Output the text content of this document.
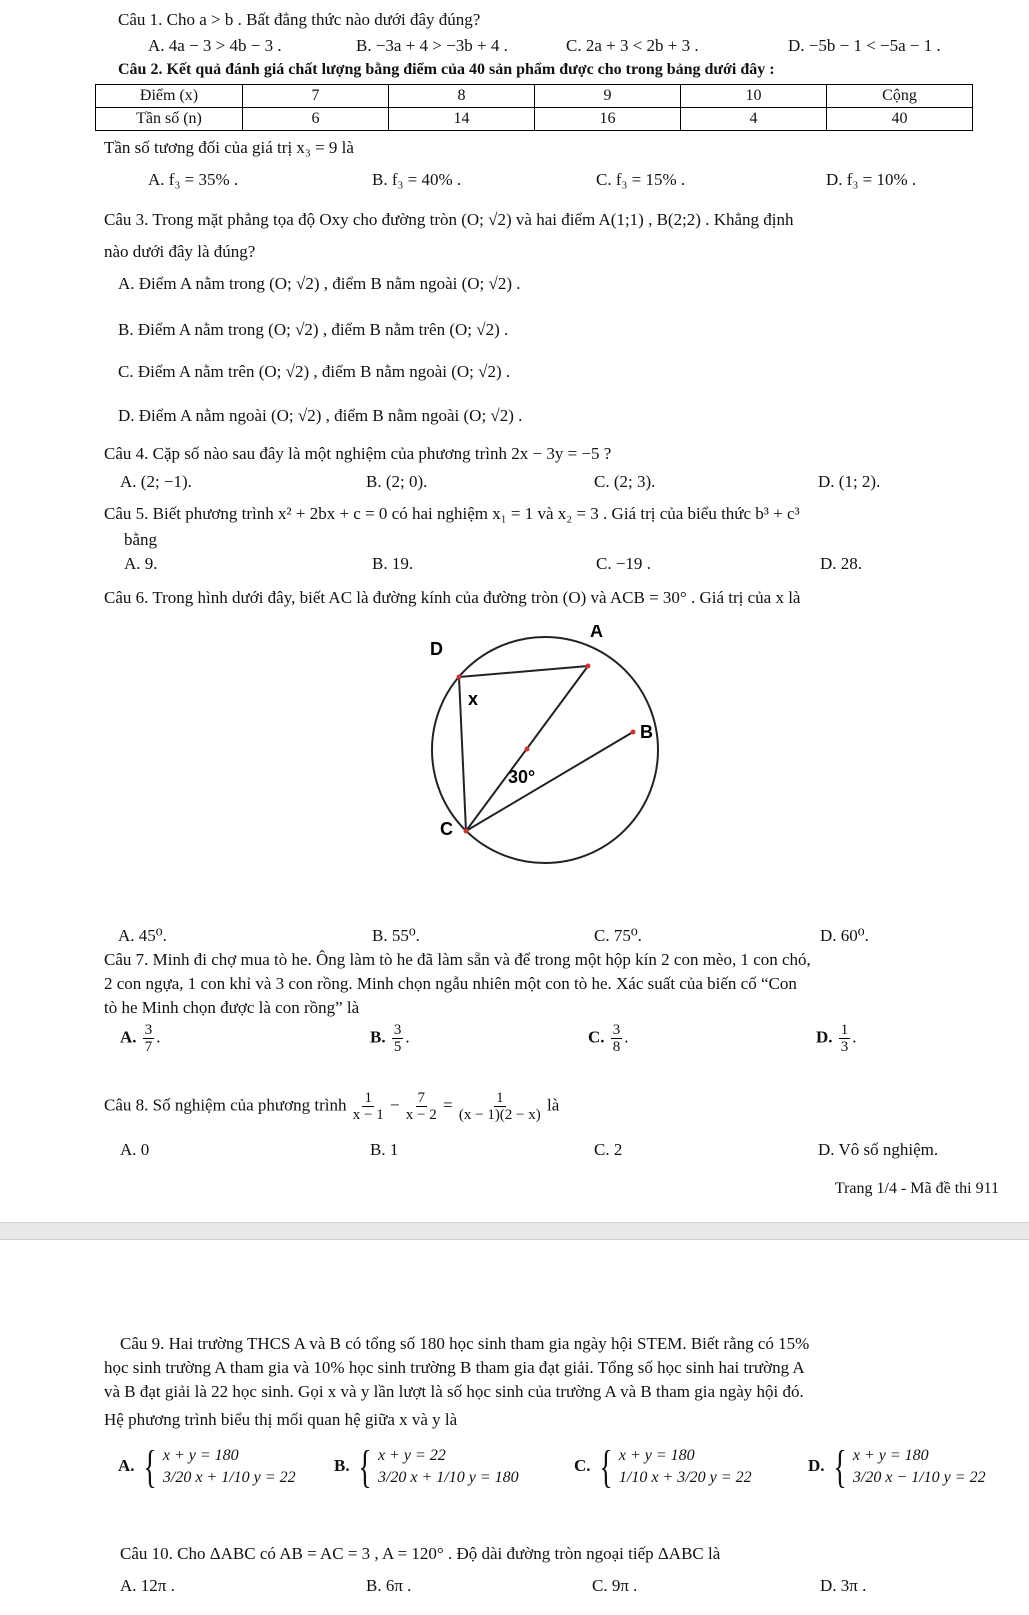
Câu 1. Cho a > b . Bất đẳng thức nào dưới đây đúng?
A. 4a − 3 > 4b − 3 .	B. −3a + 4 > −3b + 4 .	C. 2a + 3 < 2b + 3 .	D. −5b − 1 < −5a − 1 .
Câu 2. Kết quả đánh giá chất lượng bằng điểm của 40 sản phẩm được cho trong bảng dưới đây :
Điểm (x)	7	8	9	10	Cộng
Tần số (n)	6	14	16	4	40
Tần số tương đối của giá trị x₃ = 9 là
A. f₃ = 35% .	B. f₃ = 40% .	C. f₃ = 15% .	D. f₃ = 10% .
Câu 3. Trong mặt phẳng tọa độ Oxy cho đường tròn (O; √2) và hai điểm A(1;1) , B(2;2) . Khẳng định
nào dưới đây là đúng?
A. Điểm A nằm trong (O; √2) , điểm B nằm ngoài (O; √2) .
B. Điểm A nằm trong (O; √2) , điểm B nằm trên (O; √2) .
C. Điểm A nằm trên (O; √2) , điểm B nằm ngoài (O; √2) .
D. Điểm A nằm ngoài (O; √2) , điểm B nằm ngoài (O; √2) .
Câu 4. Cặp số nào sau đây là một nghiệm của phương trình 2x − 3y = −5 ?
A. (2; −1).	B. (2; 0).	C. (2; 3).	D. (1; 2).
Câu 5. Biết phương trình x² + 2bx + c = 0 có hai nghiệm x₁ = 1 và x₂ = 3 . Giá trị của biểu thức b³ + c³
bằng
A. 9.	B. 19.	C. −19 .	D. 28.
Câu 6. Trong hình dưới đây, biết AC là đường kính của đường tròn (O) và ACB = 30° . Giá trị của x là
D
A
B
C
x
30°
A. 45⁰.	B. 55⁰.	C. 75⁰.	D. 60⁰.
Câu 7. Minh đi chợ mua tò he. Ông làm tò he đã làm sẵn và để trong một hộp kín 2 con mèo, 1 con chó,
2 con ngựa, 1 con khỉ và 3 con rồng. Minh chọn ngẫu nhiên một con tò he. Xác suất của biến cố “Con
tò he Minh chọn được là con rồng” là
A. $\frac{3}{7}$ .	B. $\frac{3}{5}$ .	C. $\frac{3}{8}$ .	D. $\frac{1}{3}$ .
Câu 8. Số nghiệm của phương trình $\frac{1}{x - 1} - \frac{7}{x - 2} = \frac{1}{(x - 1)(2 - x)}$ là
A. 0	B. 1	C. 2	D. Vô số nghiệm.
Trang 1/4 - Mã đề thi 911
Câu 9. Hai trường THCS A và B có tổng số 180 học sinh tham gia ngày hội STEM. Biết rằng có 15%
học sinh trường A tham gia và 10% học sinh trường B tham gia đạt giải. Tổng số học sinh hai trường A
và B đạt giải là 22 học sinh. Gọi x và y lần lượt là số học sinh của trường A và B tham gia ngày hội đó.
Hệ phương trình biểu thị mối quan hệ giữa x và y là
A. { x + y = 180
3/20 x + 1/10 y = 22
B. { x + y = 22
3/20 x + 1/10 y = 180
C. { x + y = 180
1/10 x + 3/20 y = 22
D. { x + y = 180
3/20 x − 1/10 y = 22
Câu 10. Cho ΔABC có AB = AC = 3 , A = 120° . Độ dài đường tròn ngoại tiếp ΔABC là
A. 12π .	B. 6π .	C. 9π .	D. 3π .
